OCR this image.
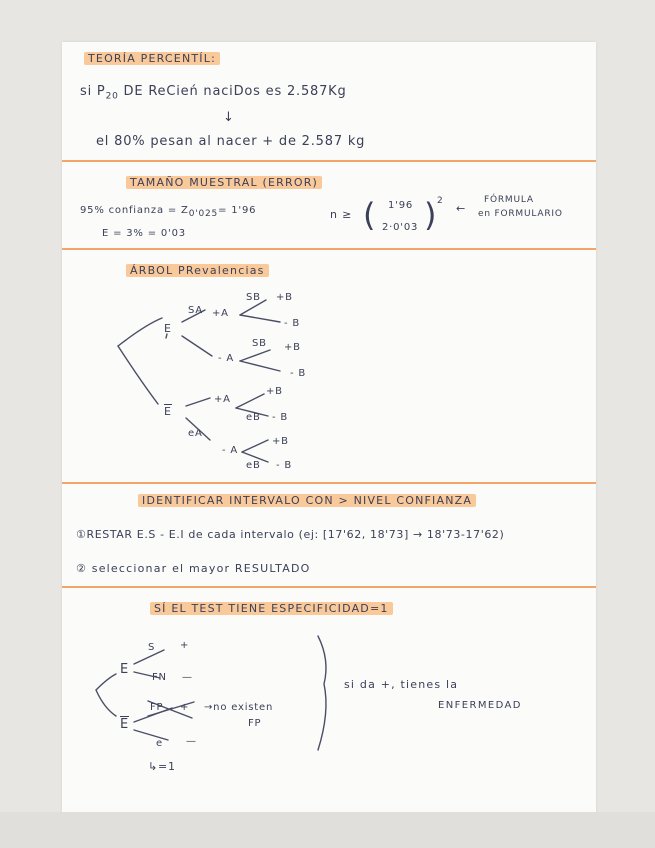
TEORÍA PERCENTÍL:
si $P_{20}$ DE ReCień naciDos es 2.587Kg
↓
el 80% pesan al nacer + de 2.587 kg
TAMAÑO MUESTRAL (ERROR)
95% confianza = $Z_{0'025}= 1'96$
E = 3% = 0'03
n ≥ ( 1'96
2·0'03 ) 2
←
FÓRMULA
en FORMULARIO
ÁRBOL PRevalencias
E
E
SA +A
- A
SB +B
- B
SB +B
- B
+A
eA
- A
+B
eB - B
+B
eB - B
IDENTIFICAR INTERVALO CON > NIVEL CONFIANZA
①RESTAR E.S - E.I de cada intervalo (ej: [17'62, 18'73] → 18'73-17'62)
② seleccionar el mayor RESULTADO
SÍ EL TEST TIENE ESPECIFICIDAD=1
E
E
S +
FN —
FP + →no existen
FP
e —
↳=1
si da +, tienes la
ENFERMEDAD
